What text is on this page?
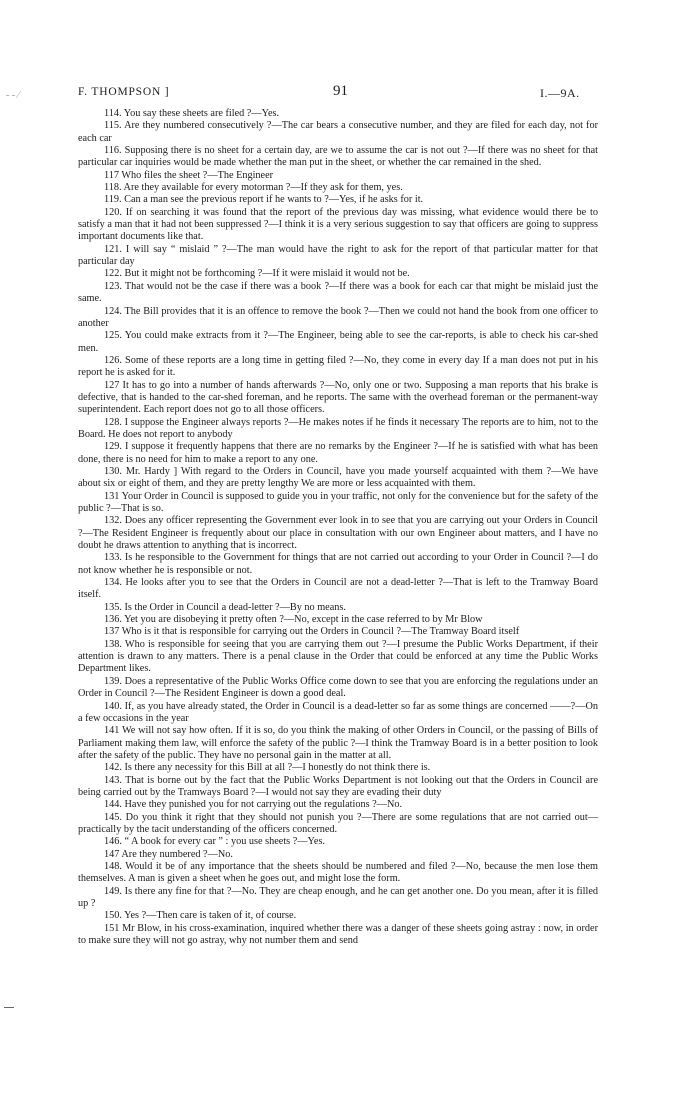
- - ⁄	F. THOMPSON ]	91	I.—9A.

114. You say these sheets are filed ?—Yes.

115. Are they numbered consecutively ?—The car bears a consecutive number, and they are filed for each day, not for each car

116. Supposing there is no sheet for a certain day, are we to assume the car is not out ?—If there was no sheet for that particular car inquiries would be made whether the man put in the sheet, or whether the car remained in the shed.

117 Who files the sheet ?—The Engineer

118. Are they available for every motorman ?—If they ask for them, yes.

119. Can a man see the previous report if he wants to ?—Yes, if he asks for it.

120. If on searching it was found that the report of the previous day was missing, what evidence would there be to satisfy a man that it had not been suppressed ?—I think it is a very serious suggestion to say that officers are going to suppress important documents like that.

121. I will say “ mislaid ” ?—The man would have the right to ask for the report of that particular matter for that particular day

122. But it might not be forthcoming ?—If it were mislaid it would not be.

123. That would not be the case if there was a book ?—If there was a book for each car that might be mislaid just the same.

124. The Bill provides that it is an offence to remove the book ?—Then we could not hand the book from one officer to another

125. You could make extracts from it ?—The Engineer, being able to see the car-reports, is able to check his car-shed men.

126. Some of these reports are a long time in getting filed ?—No, they come in every day If a man does not put in his report he is asked for it.

127 It has to go into a number of hands afterwards ?—No, only one or two. Supposing a man reports that his brake is defective, that is handed to the car-shed foreman, and he reports. The same with the overhead foreman or the permanent-way superintendent. Each report does not go to all those officers.

128. I suppose the Engineer always reports ?—He makes notes if he finds it necessary The reports are to him, not to the Board. He does not report to anybody

129. I suppose it frequently happens that there are no remarks by the Engineer ?—If he is satisfied with what has been done, there is no need for him to make a report to any one.

130. Mr. Hardy ] With regard to the Orders in Council, have you made yourself acquainted with them ?—We have about six or eight of them, and they are pretty lengthy We are more or less acquainted with them.

131 Your Order in Council is supposed to guide you in your traffic, not only for the convenience but for the safety of the public ?—That is so.

132. Does any officer representing the Government ever look in to see that you are carrying out your Orders in Council ?—The Resident Engineer is frequently about our place in consultation with our own Engineer about matters, and I have no doubt he draws attention to anything that is incorrect.

133. Is he responsible to the Government for things that are not carried out according to your Order in Council ?—I do not know whether he is responsible or not.

134. He looks after you to see that the Orders in Council are not a dead-letter ?—That is left to the Tramway Board itself.

135. Is the Order in Council a dead-letter ?—By no means.

136. Yet you are disobeying it pretty often ?—No, except in the case referred to by Mr Blow

137 Who is it that is responsible for carrying out the Orders in Council ?—The Tramway Board itself

138. Who is responsible for seeing that you are carrying them out ?—I presume the Public Works Department, if their attention is drawn to any matters. There is a penal clause in the Order that could be enforced at any time the Public Works Department likes.

139. Does a representative of the Public Works Office come down to see that you are enforcing the regulations under an Order in Council ?—The Resident Engineer is down a good deal.

140. If, as you have already stated, the Order in Council is a dead-letter so far as some things are concerned ——?—On a few occasions in the year

141 We will not say how often. If it is so, do you think the making of other Orders in Council, or the passing of Bills of Parliament making them law, will enforce the safety of the public ?—I think the Tramway Board is in a better position to look after the safety of the public. They have no personal gain in the matter at all.

142. Is there any necessity for this Bill at all ?—I honestly do not think there is.

143. That is borne out by the fact that the Public Works Department is not looking out that the Orders in Council are being carried out by the Tramways Board ?—I would not say they are evading their duty

144. Have they punished you for not carrying out the regulations ?—No.

145. Do you think it right that they should not punish you ?—There are some regulations that are not carried out—practically by the tacit understanding of the officers concerned.

146. “ A book for every car ” : you use sheets ?—Yes.

147 Are they numbered ?—No.

148. Would it be of any importance that the sheets should be numbered and filed ?—No, because the men lose them themselves. A man is given a sheet when he goes out, and might lose the form.

149. Is there any fine for that ?—No. They are cheap enough, and he can get another one. Do you mean, after it is filled up ?

150. Yes ?—Then care is taken of it, of course.

151 Mr Blow, in his cross-examination, inquired whether there was a danger of these sheets going astray : now, in order to make sure they will not go astray, why not number them and send
